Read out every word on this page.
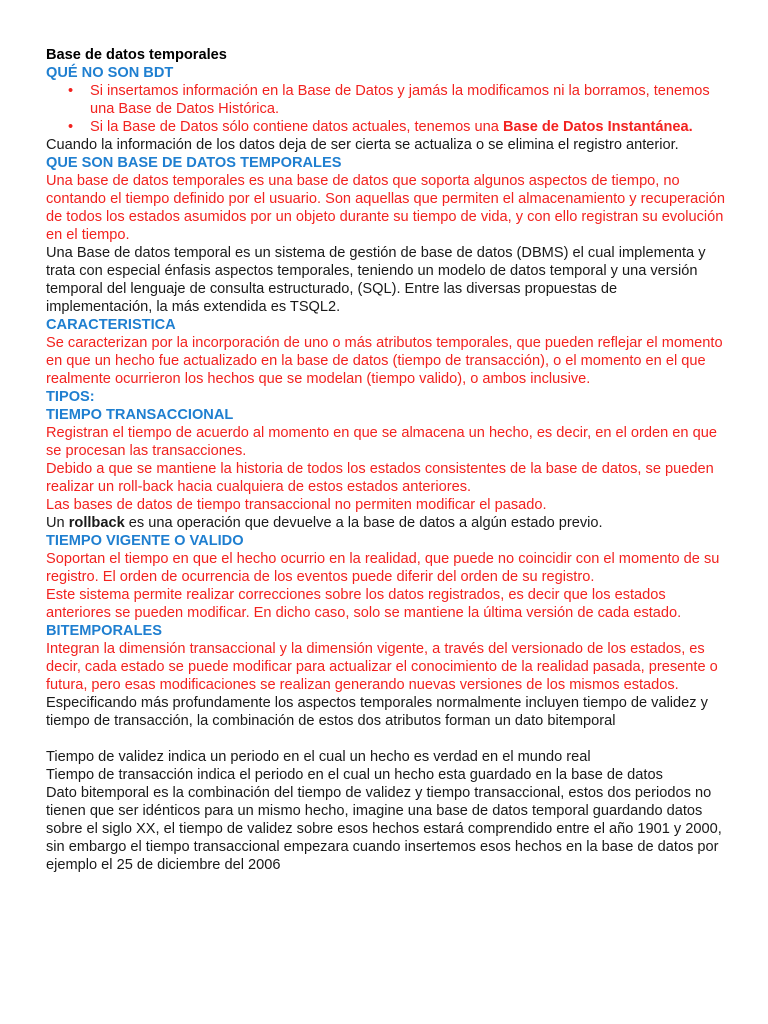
Base de datos temporales

QUÉ NO SON BDT

• Si insertamos información en la Base de Datos y jamás la modificamos ni la borramos, tenemos una Base de Datos Histórica.
• Si la Base de Datos sólo contiene datos actuales, tenemos una Base de Datos Instantánea.

Cuando la información de los datos deja de ser cierta se actualiza o se elimina el registro anterior.

QUE SON BASE DE DATOS TEMPORALES

Una base de datos temporales es una base de datos que soporta algunos aspectos de tiempo, no contando el tiempo definido por el usuario. Son aquellas que permiten el almacenamiento y recuperación de todos los estados asumidos por un objeto durante su tiempo de vida, y con ello registran su evolución en el tiempo.

Una Base de datos temporal es un sistema de gestión de base de datos (DBMS) el cual implementa y trata con especial énfasis aspectos temporales, teniendo un modelo de datos temporal y una versión temporal del lenguaje de consulta estructurado, (SQL). Entre las diversas propuestas de implementación, la más extendida es TSQL2.

CARACTERISTICA

Se caracterizan por la incorporación de uno o más atributos temporales, que pueden reflejar el momento en que un hecho fue actualizado en la base de datos (tiempo de transacción), o el momento en el que realmente ocurrieron los hechos que se modelan (tiempo valido), o ambos inclusive.

TIPOS:

TIEMPO TRANSACCIONAL

Registran el tiempo de acuerdo al momento en que se almacena un hecho, es decir, en el orden en que se procesan las transacciones.

Debido a que se mantiene la historia de todos los estados consistentes de la base de datos, se pueden realizar un roll-back hacia cualquiera de estos estados anteriores.

Las bases de datos de tiempo transaccional no permiten modificar el pasado.

Un rollback es una operación que devuelve a la base de datos a algún estado previo.

TIEMPO VIGENTE O VALIDO

Soportan el tiempo en que el hecho ocurrio en la realidad, que puede no coincidir con el momento de su registro. El orden de ocurrencia de los eventos puede diferir del orden de su registro.

Este sistema permite realizar correcciones sobre los datos registrados, es decir que los estados anteriores se pueden modificar. En dicho caso, solo se mantiene la última versión de cada estado.

BITEMPORALES

Integran la dimensión transaccional y la dimensión vigente, a través del versionado de los estados, es decir, cada estado se puede modificar para actualizar el conocimiento de la realidad pasada, presente o futura, pero esas modificaciones se realizan generando nuevas versiones de los mismos estados.

Especificando más profundamente los aspectos temporales normalmente incluyen tiempo de validez y tiempo de transacción, la combinación de estos dos atributos forman un dato bitemporal

Tiempo de validez indica un periodo en el cual un hecho es verdad en el mundo real

Tiempo de transacción indica el periodo en el cual un hecho esta guardado en la base de datos

Dato bitemporal es la combinación del tiempo de validez y tiempo transaccional, estos dos periodos no tienen que ser idénticos para un mismo hecho, imagine una base de datos temporal guardando datos sobre el siglo XX, el tiempo de validez sobre esos hechos estará comprendido entre el año 1901 y 2000, sin embargo el tiempo transaccional empezara cuando insertemos esos hechos en la base de datos por ejemplo el 25 de diciembre del 2006
